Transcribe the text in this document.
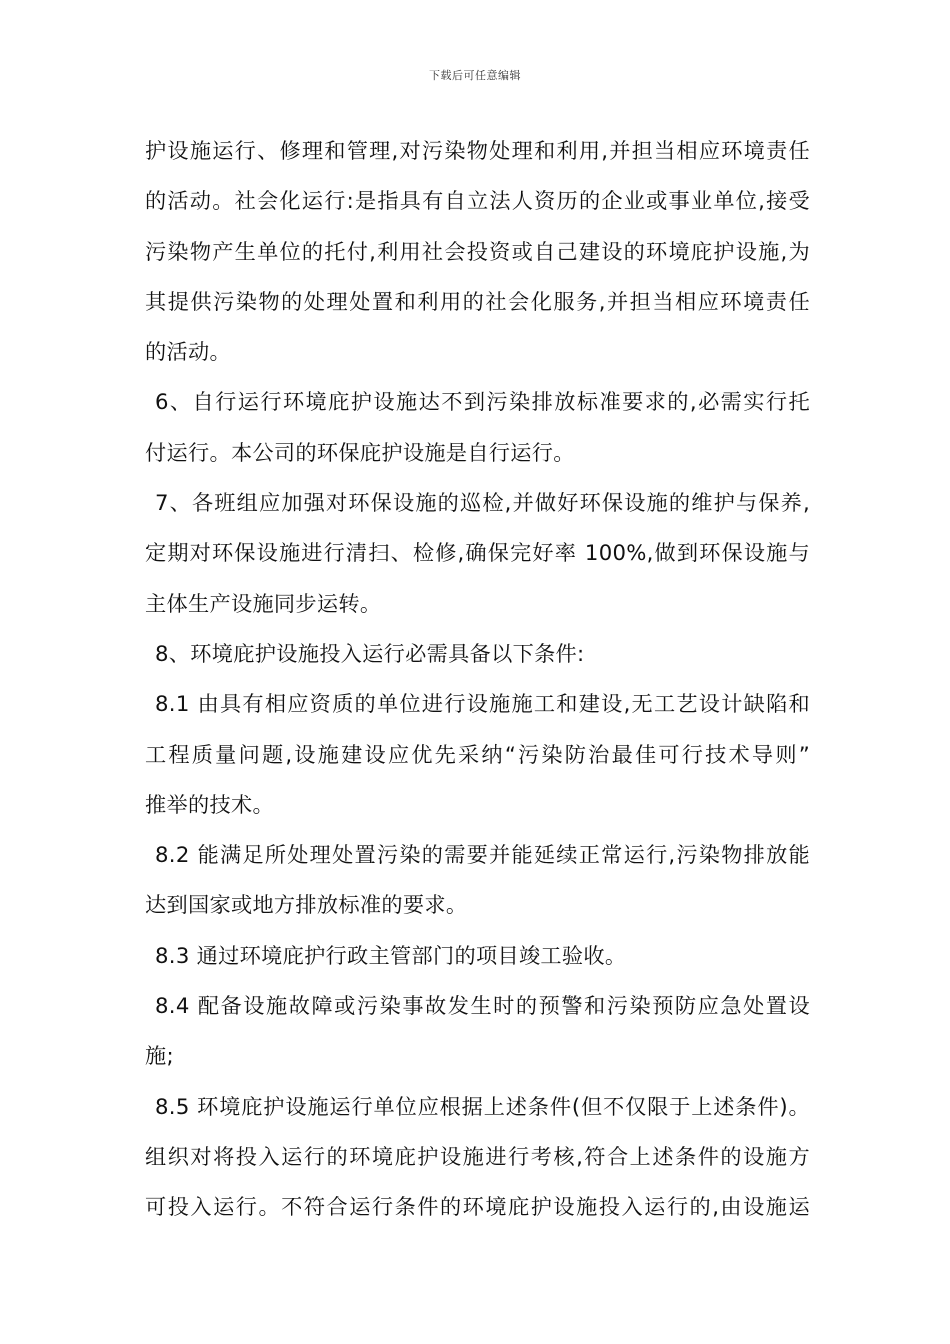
下载后可任意编辑
护设施运行、修理和管理,对污染物处理和利用,并担当相应环境责任
的活动。社会化运行:是指具有自立法人资历的企业或事业单位,接受
污染物产生单位的托付,利用社会投资或自己建设的环境庇护设施,为
其提供污染物的处理处置和利用的社会化服务,并担当相应环境责任
的活动。
6、自行运行环境庇护设施达不到污染排放标准要求的,必需实行托
付运行。本公司的环保庇护设施是自行运行。
7、各班组应加强对环保设施的巡检,并做好环保设施的维护与保养,
定期对环保设施进行清扫、检修,确保完好率 100%,做到环保设施与
主体生产设施同步运转。
8、环境庇护设施投入运行必需具备以下条件:
8.1 由具有相应资质的单位进行设施施工和建设,无工艺设计缺陷和
工程质量问题,设施建设应优先采纳“污染防治最佳可行技术导则”
推举的技术。
8.2 能满足所处理处置污染的需要并能延续正常运行,污染物排放能
达到国家或地方排放标准的要求。
8.3 通过环境庇护行政主管部门的项目竣工验收。
8.4 配备设施故障或污染事故发生时的预警和污染预防应急处置设
施;
8.5 环境庇护设施运行单位应根据上述条件(但不仅限于上述条件)。
组织对将投入运行的环境庇护设施进行考核,符合上述条件的设施方
可投入运行。不符合运行条件的环境庇护设施投入运行的,由设施运
